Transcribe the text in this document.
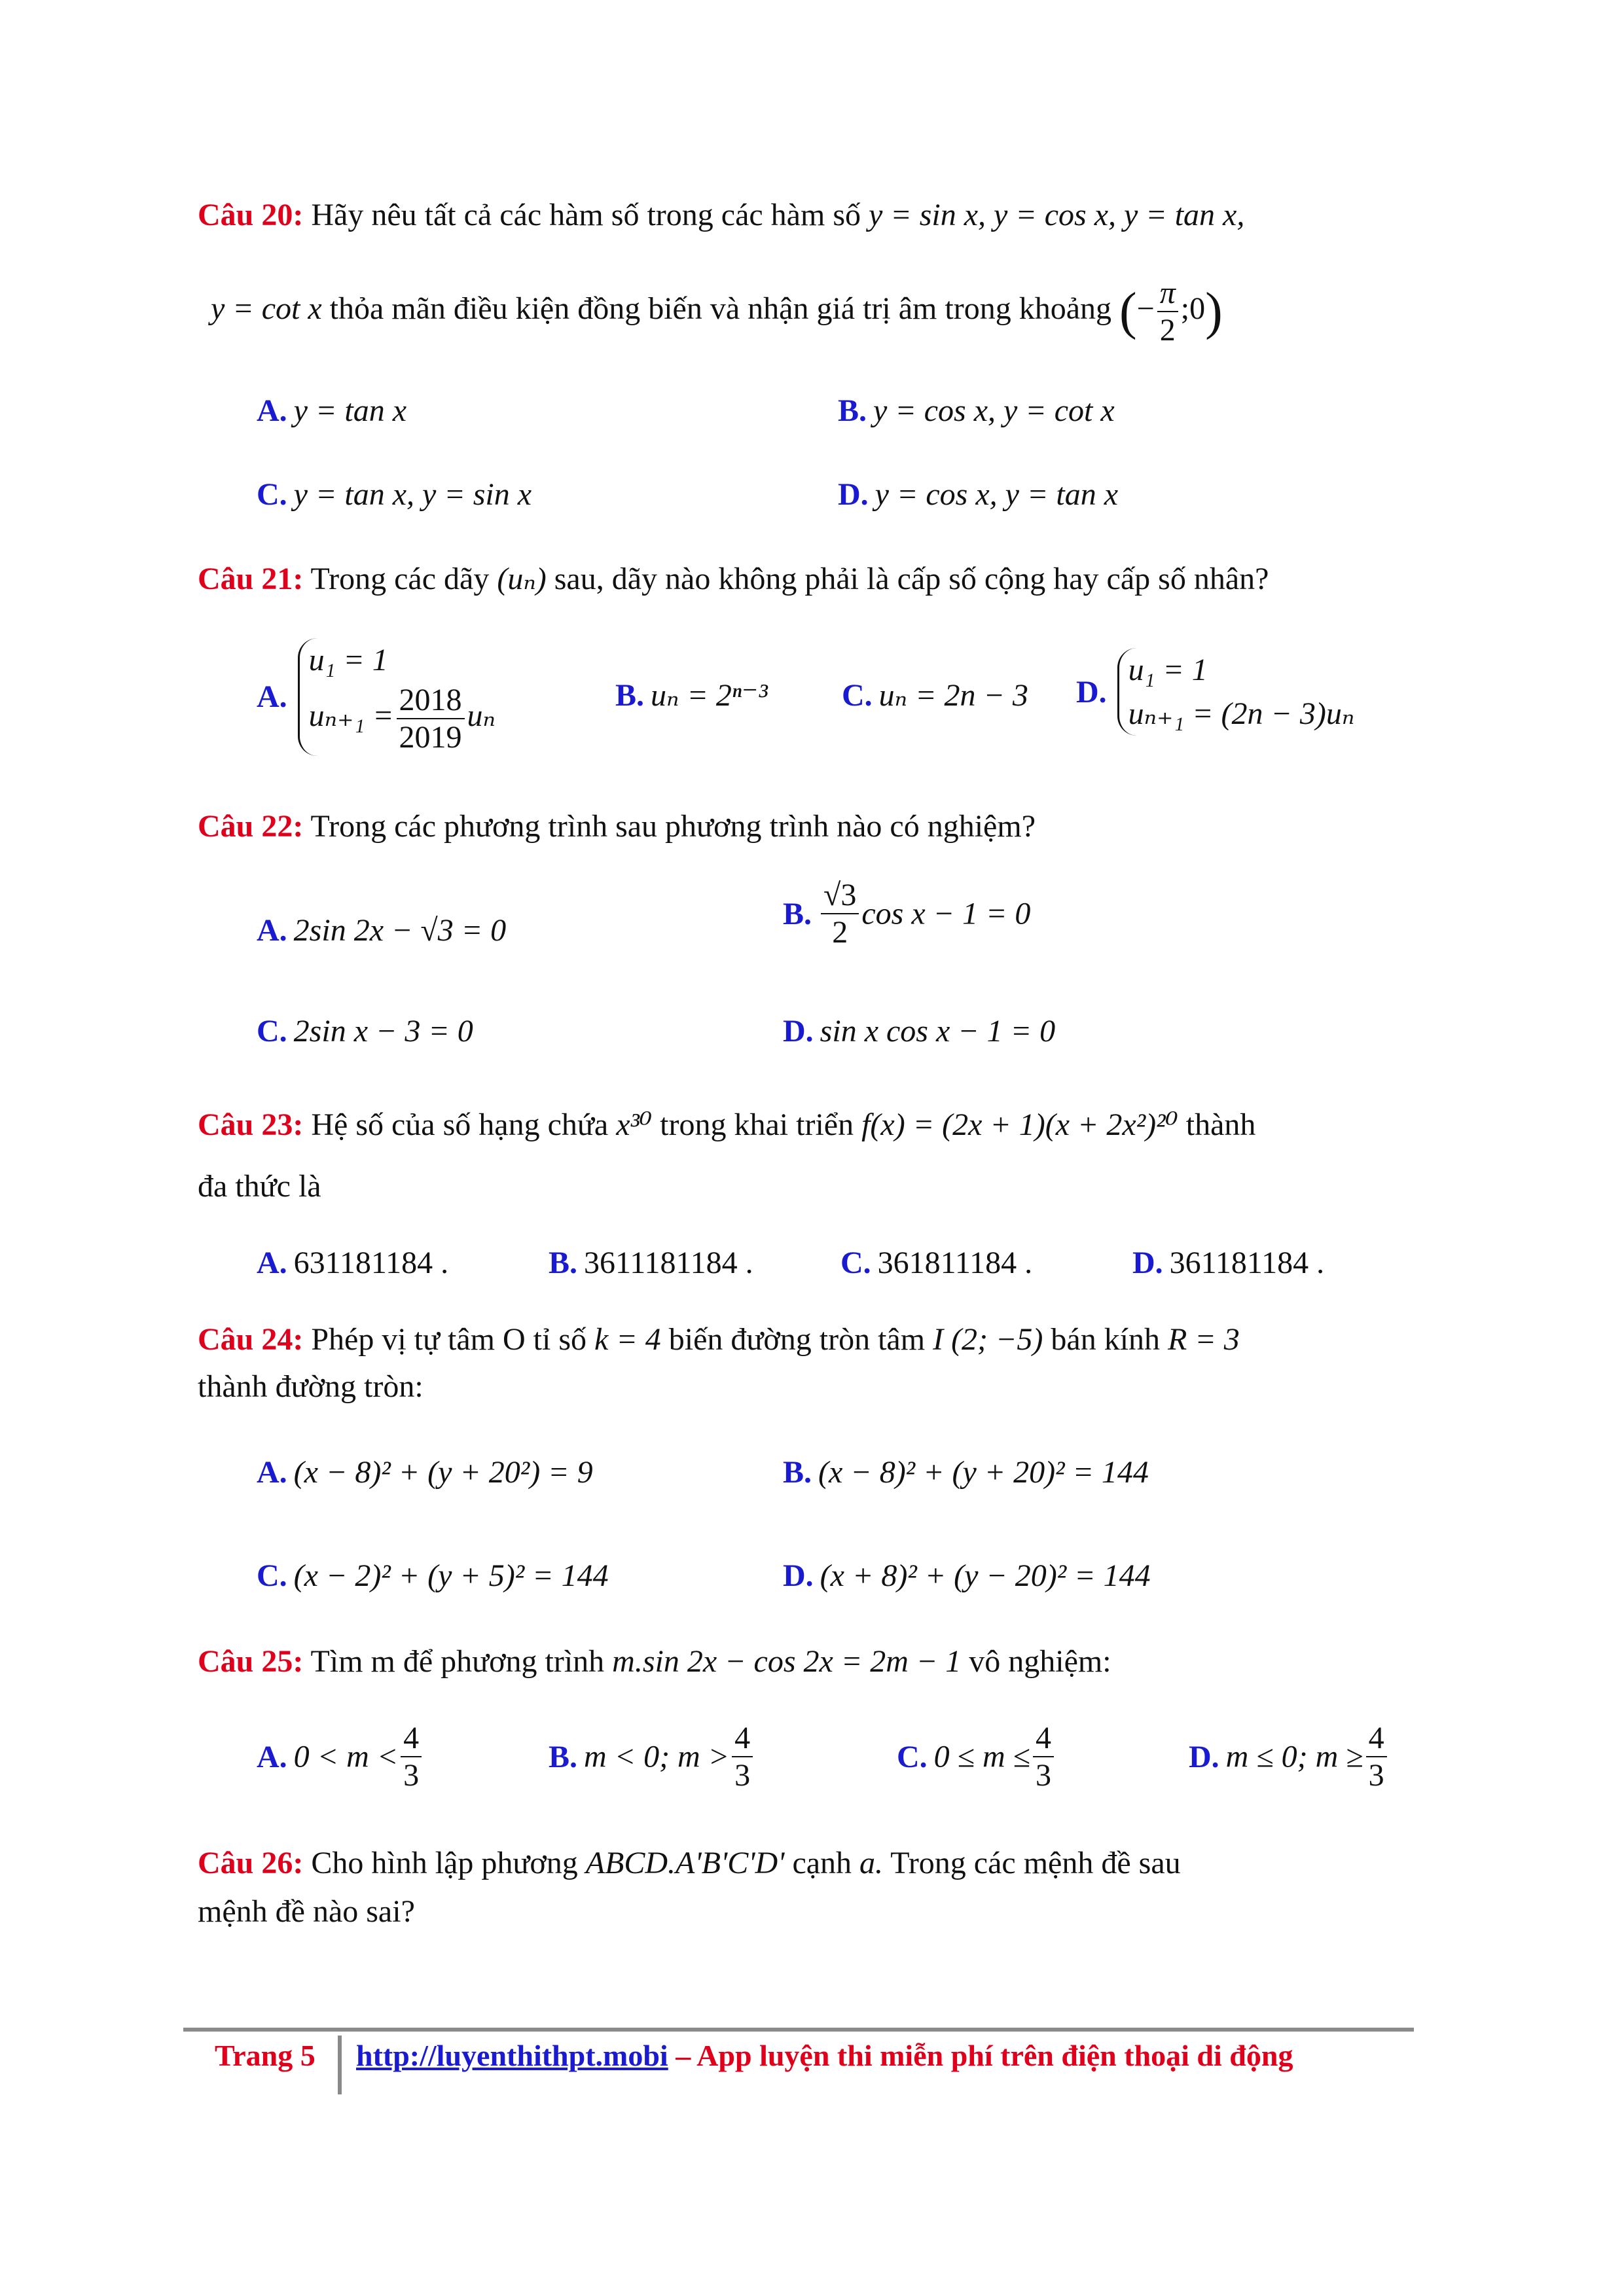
Câu 20: Hãy nêu tất cả các hàm số trong các hàm số y = sin x, y = cos x, y = tan x,
y = cot x thỏa mãn điều kiện đồng biến và nhận giá trị âm trong khoảng (− $\frac{\pi}{2}$ ;0)
A. y = tan x	B. y = cos x, y = cot x
C. y = tan x, y = sin x	D. y = cos x, y = tan x
Câu 21: Trong các dãy (uₙ) sau, dãy nào không phải là cấp số cộng hay cấp số nhân?
A.
u₁ = 1
$u_{n+1} = \frac{2018}{2019}$ uₙ
B. uₙ = 2ⁿ⁻³ C. uₙ = 2n − 3 D.
u₁ = 1
uₙ₊₁ = (2n − 3)uₙ
Câu 22: Trong các phương trình sau phương trình nào có nghiệm?
A. 2sin 2x − √3 = 0	B. $\frac{√3}{2}$ cos x − 1 = 0
C. 2sin x − 3 = 0	D. sin x cos x − 1 = 0
Câu 23: Hệ số của số hạng chứa x³⁰ trong khai triển f(x) = (2x + 1)(x + 2x²)²⁰ thành
đa thức là
A. 631181184 .	B. 3611181184 .	C. 361811184 .	D. 361181184 .
Câu 24: Phép vị tự tâm O tỉ số k = 4 biến đường tròn tâm I (2; −5) bán kính R = 3
thành đường tròn:
A. (x − 8)² + (y + 20²) = 9	B. (x − 8)² + (y + 20)² = 144
C. (x − 2)² + (y + 5)² = 144	D. (x + 8)² + (y − 20)² = 144
Câu 25: Tìm m để phương trình m.sin 2x − cos 2x = 2m − 1 vô nghiệm:
A. $0 < m < \frac{4}{3}$	B. m < 0; $m > \frac{4}{3}$	C. $0 \le m \le \frac{4}{3}$	D. m ≤ 0; $m \ge \frac{4}{3}$
Câu 26: Cho hình lập phương ABCD.A'B'C'D' cạnh a. Trong các mệnh đề sau
mệnh đề nào sai?
Trang 5 http://luyenthithpt.mobi – App luyện thi miễn phí trên điện thoại di động
